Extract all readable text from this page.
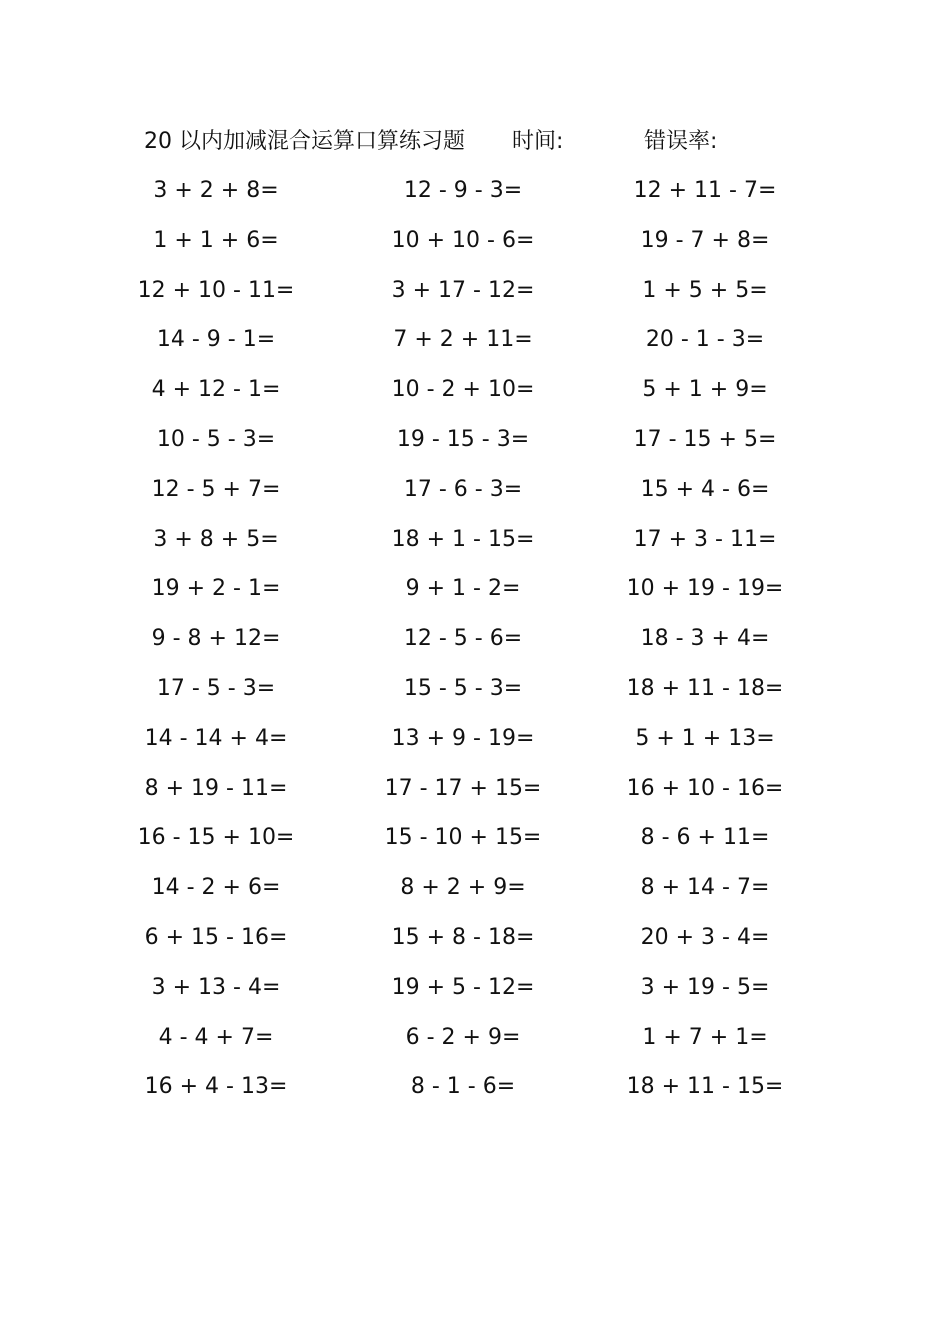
20 以内加减混合运算口算练习题 时间:	错误率:
3 + 2 + 8=	12 - 9 - 3=	12 + 11 - 7=
1 + 1 + 6=	10 + 10 - 6=	19 - 7 + 8=
12 + 10 - 11=	3 + 17 - 12=	1 + 5 + 5=
14 - 9 - 1=	7 + 2 + 11=	20 - 1 - 3=
4 + 12 - 1=	10 - 2 + 10=	5 + 1 + 9=
10 - 5 - 3=	19 - 15 - 3=	17 - 15 + 5=
12 - 5 + 7=	17 - 6 - 3=	15 + 4 - 6=
3 + 8 + 5=	18 + 1 - 15=	17 + 3 - 11=
19 + 2 - 1=	9 + 1 - 2=	10 + 19 - 19=
9 - 8 + 12=	12 - 5 - 6=	18 - 3 + 4=
17 - 5 - 3=	15 - 5 - 3=	18 + 11 - 18=
14 - 14 + 4=	13 + 9 - 19=	5 + 1 + 13=
8 + 19 - 11=	17 - 17 + 15=	16 + 10 - 16=
16 - 15 + 10=	15 - 10 + 15=	8 - 6 + 11=
14 - 2 + 6=	8 + 2 + 9=	8 + 14 - 7=
6 + 15 - 16=	15 + 8 - 18=	20 + 3 - 4=
3 + 13 - 4=	19 + 5 - 12=	3 + 19 - 5=
4 - 4 + 7=	6 - 2 + 9=	1 + 7 + 1=
16 + 4 - 13=	8 - 1 - 6=	18 + 11 - 15=
